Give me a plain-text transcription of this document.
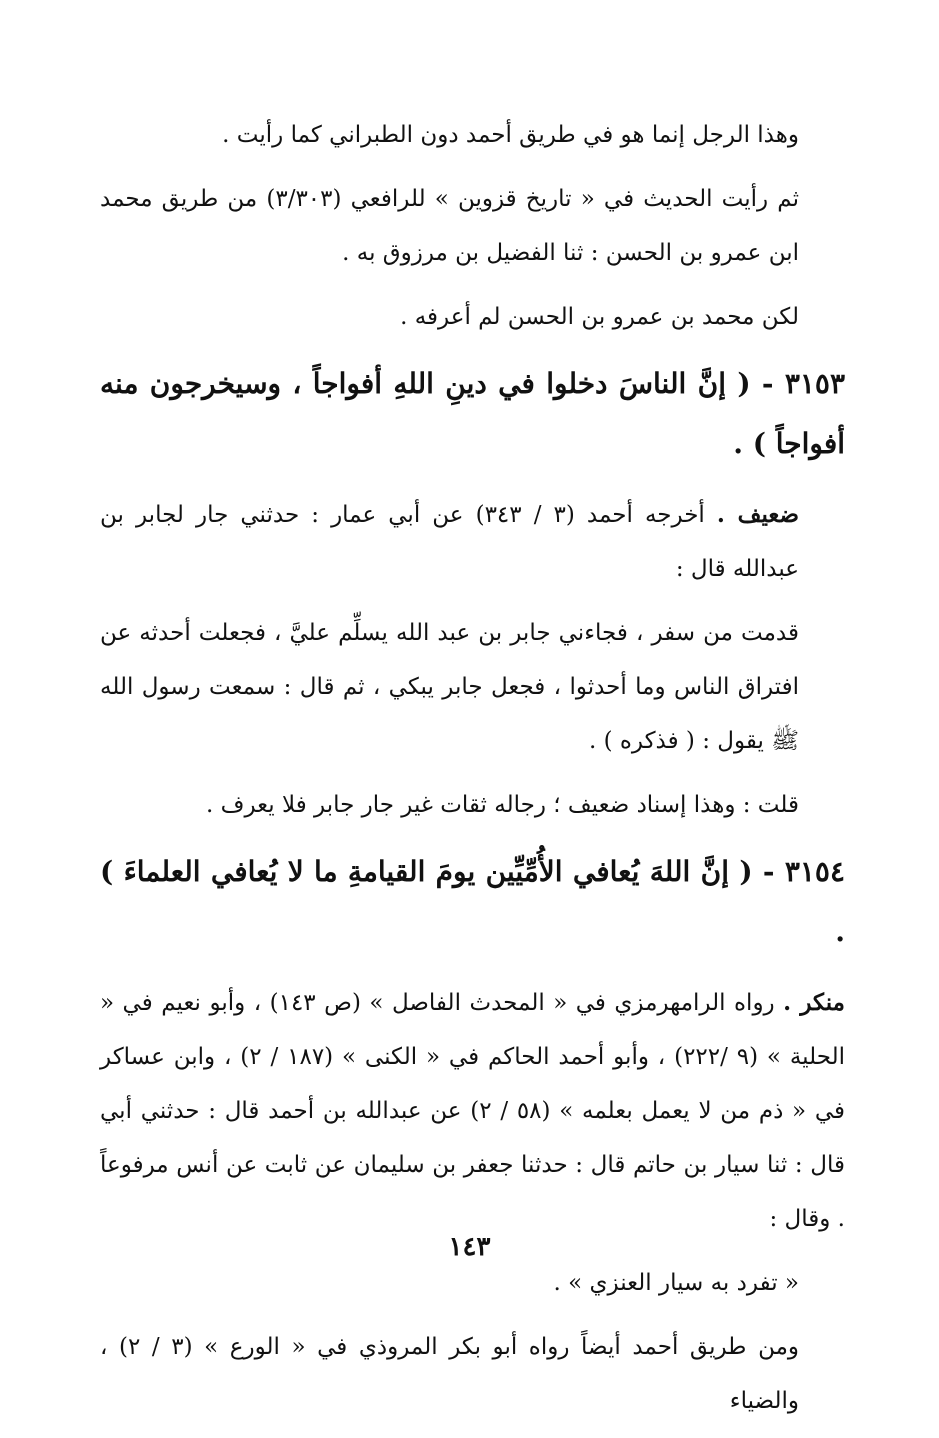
وهذا الرجل إنما هو في طريق أحمد دون الطبراني كما رأيت .

ثم رأيت الحديث في « تاريخ قزوين » للرافعي (٣/٣٠٣) من طريق محمد ابن عمرو بن الحسن : ثنا الفضيل بن مرزوق به .

لكن محمد بن عمرو بن الحسن لم أعرفه .

٣١٥٣ - ( إنَّ الناسَ دخلوا في دينِ اللهِ أفواجاً ، وسيخرجون منه أفواجاً ) .

ضعيف . أخرجه أحمد (٣ / ٣٤٣) عن أبي عمار : حدثني جار لجابر بن عبدالله قال :

قدمت من سفر ، فجاءني جابر بن عبد الله يسلِّم عليَّ ، فجعلت أحدثه عن افتراق الناس وما أحدثوا ، فجعل جابر يبكي ، ثم قال : سمعت رسول الله ﷺ يقول : ( فذكره ) .

قلت : وهذا إسناد ضعيف ؛ رجاله ثقات غير جار جابر فلا يعرف .

٣١٥٤ - ( إنَّ اللهَ يُعافي الأُمِّيِّين يومَ القيامةِ ما لا يُعافي العلماءَ ) .

منكر . رواه الرامهرمزي في « المحدث الفاصل » (ص ١٤٣) ، وأبو نعيم في « الحلية » (٩ /٢٢٢) ، وأبو أحمد الحاكم في « الكنى » (١٨٧ / ٢) ، وابن عساكر في « ذم من لا يعمل بعلمه » (٥٨ / ٢) عن عبدالله بن أحمد قال : حدثني أبي قال : ثنا سيار بن حاتم قال : حدثنا جعفر بن سليمان عن ثابت عن أنس مرفوعاً . وقال :

« تفرد به سيار العنزي » .

ومن طريق أحمد أيضاً رواه أبو بكر المروذي في « الورع » (٣ / ٢) ، والضياء

١٤٣
